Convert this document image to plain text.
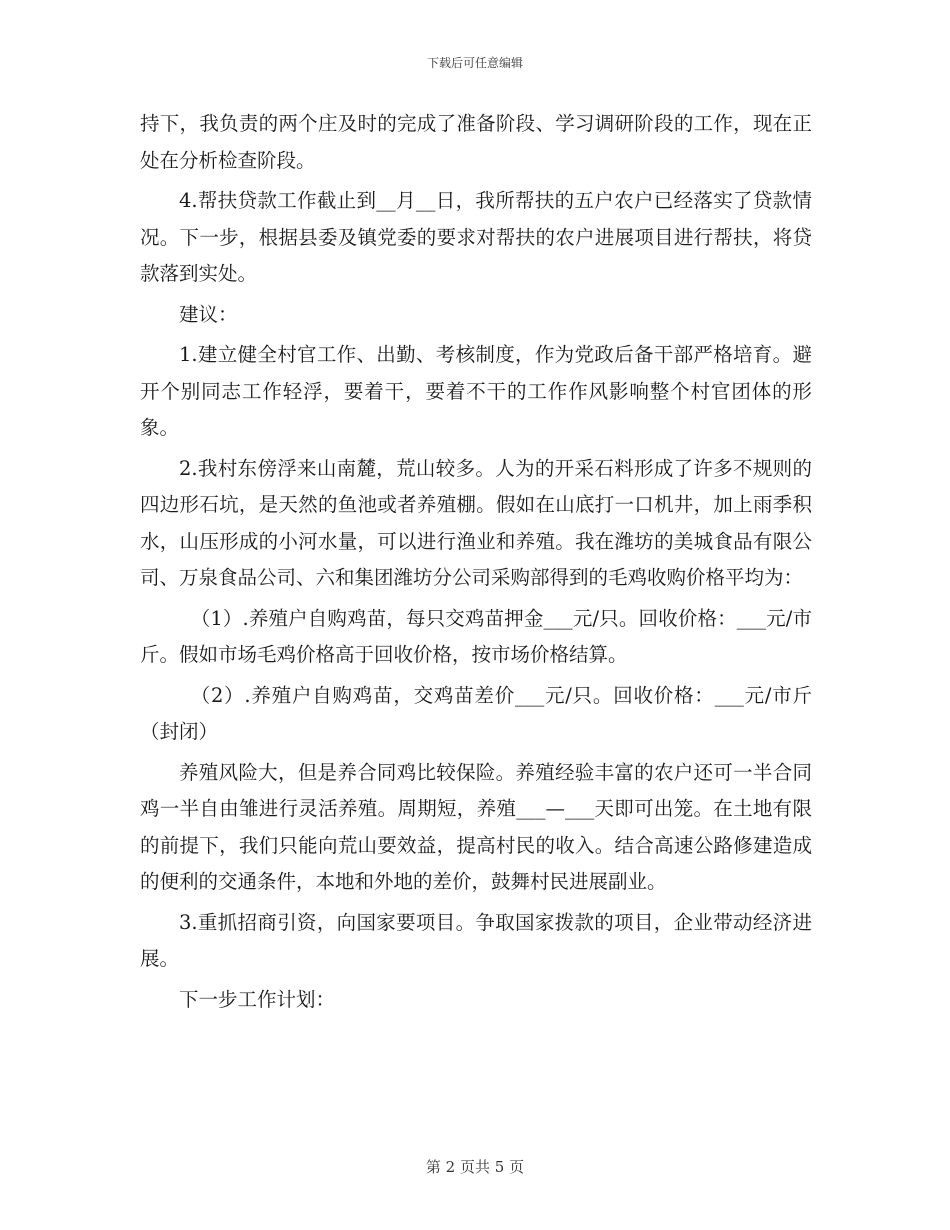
下载后可任意编辑

持下，我负责的两个庄及时的完成了准备阶段、学习调研阶段的工作，现在正处在分析检查阶段。

4.帮扶贷款工作截止到__月__日，我所帮扶的五户农户已经落实了贷款情况。下一步，根据县委及镇党委的要求对帮扶的农户进展项目进行帮扶，将贷款落到实处。

建议：

1.建立健全村官工作、出勤、考核制度，作为党政后备干部严格培育。避开个别同志工作轻浮，要着干，要着不干的工作作风影响整个村官团体的形象。

2.我村东傍浮来山南麓，荒山较多。人为的开采石料形成了许多不规则的四边形石坑，是天然的鱼池或者养殖棚。假如在山底打一口机井，加上雨季积水，山压形成的小河水量，可以进行渔业和养殖。我在潍坊的美城食品有限公司、万泉食品公司、六和集团潍坊分公司采购部得到的毛鸡收购价格平均为：

（1）.养殖户自购鸡苗，每只交鸡苗押金___元/只。回收价格：___元/市斤。假如市场毛鸡价格高于回收价格，按市场价格结算。

（2）.养殖户自购鸡苗，交鸡苗差价___元/只。回收价格：___元/市斤（封闭）

养殖风险大，但是养合同鸡比较保险。养殖经验丰富的农户还可一半合同鸡一半自由雏进行灵活养殖。周期短，养殖___—___天即可出笼。在土地有限的前提下，我们只能向荒山要效益，提高村民的收入。结合高速公路修建造成的便利的交通条件，本地和外地的差价，鼓舞村民进展副业。

3.重抓招商引资，向国家要项目。争取国家拨款的项目，企业带动经济进展。

下一步工作计划：

第 2 页共 5 页
